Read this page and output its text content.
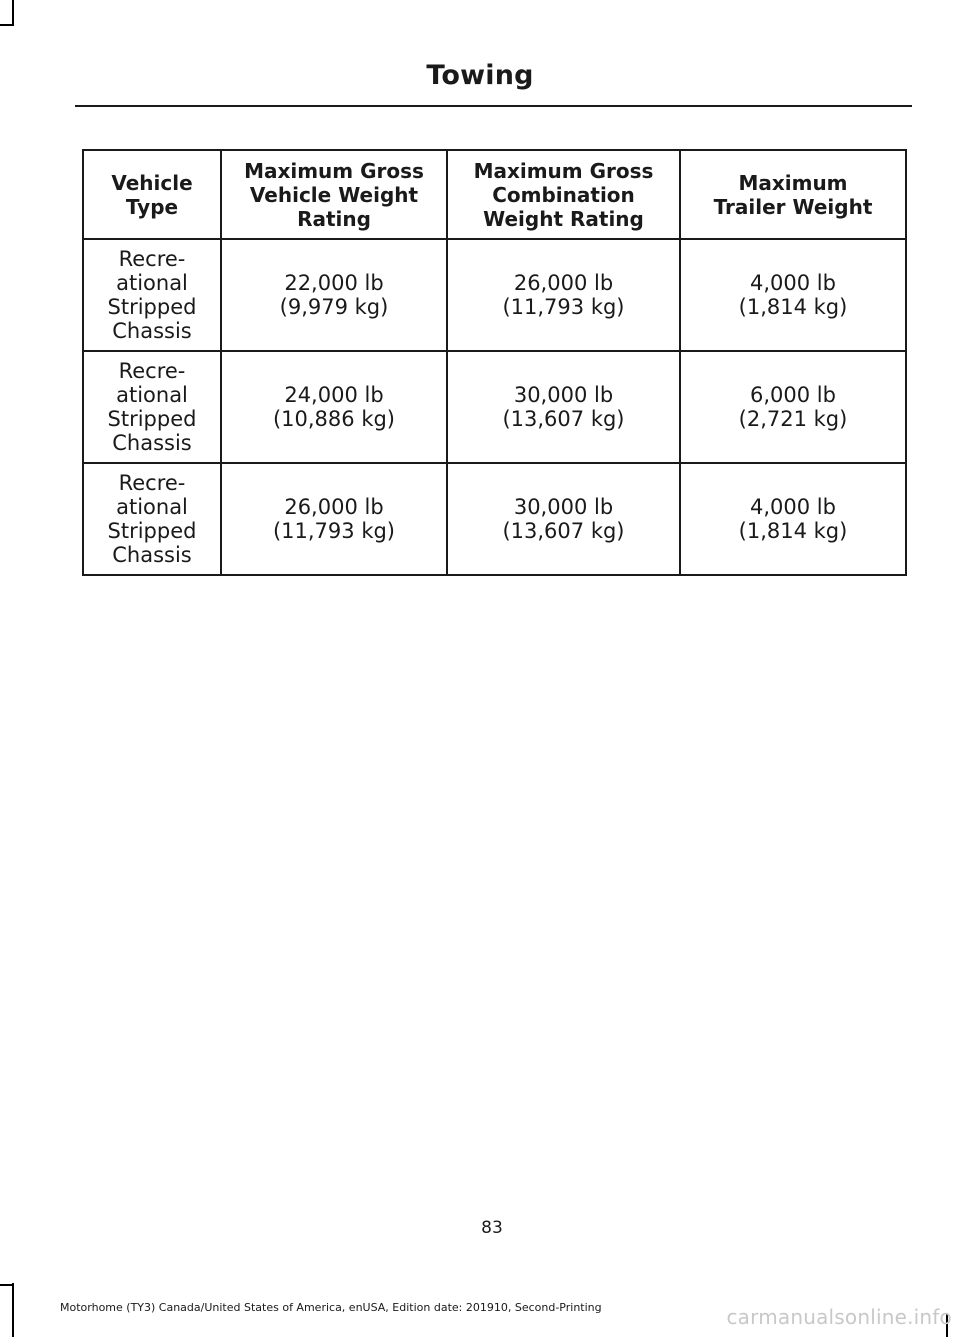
Towing
Vehicle
Type	Maximum Gross
Vehicle Weight
Rating	Maximum Gross
Combination
Weight Rating	Maximum
Trailer Weight

Recre-
ational
Stripped
Chassis	22,000 lb
(9,979 kg)	26,000 lb
(11,793 kg)	4,000 lb
(1,814 kg)

Recre-
ational
Stripped
Chassis	24,000 lb
(10,886 kg)	30,000 lb
(13,607 kg)	6,000 lb
(2,721 kg)

Recre-
ational
Stripped
Chassis	26,000 lb
(11,793 kg)	30,000 lb
(13,607 kg)	4,000 lb
(1,814 kg)
83
Motorhome (TY3) Canada/United States of America, enUSA, Edition date: 201910, Second-Printing	carmanualsonline.info
